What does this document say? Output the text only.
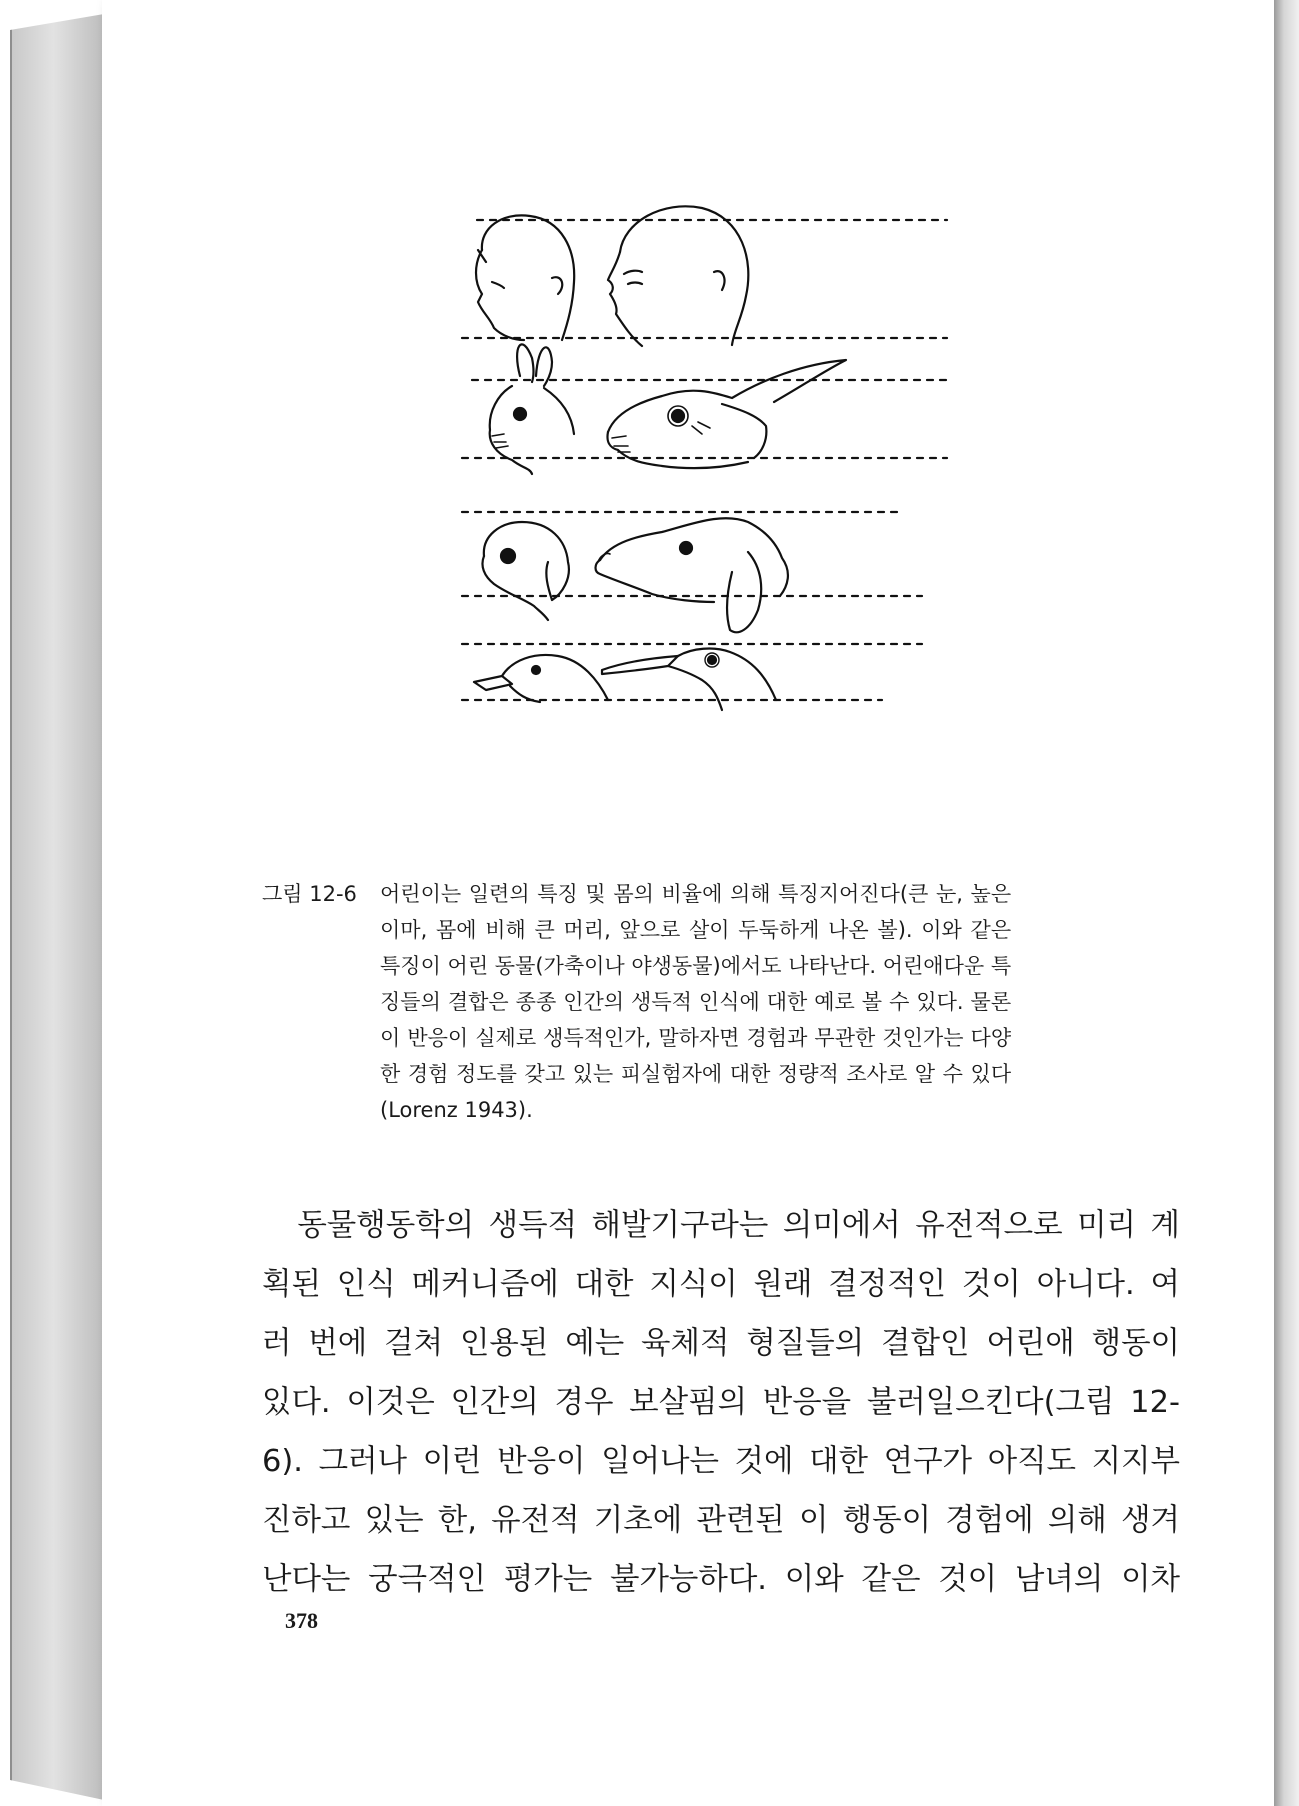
그림 12-6	어린이는 일련의 특징 및 몸의 비율에 의해 특징지어진다(큰 눈, 높은

이마, 몸에 비해 큰 머리, 앞으로 살이 두둑하게 나온 볼). 이와 같은

특징이 어린 동물(가축이나 야생동물)에서도 나타난다. 어린애다운 특

징들의 결합은 종종 인간의 생득적 인식에 대한 예로 볼 수 있다. 물론

이 반응이 실제로 생득적인가, 말하자면 경험과 무관한 것인가는 다양

한 경험 정도를 갖고 있는 피실험자에 대한 정량적 조사로 알 수 있다

(Lorenz 1943).

　동물행동학의 생득적 해발기구라는 의미에서 유전적으로 미리 계

획된 인식 메커니즘에 대한 지식이 원래 결정적인 것이 아니다. 여

러 번에 걸쳐 인용된 예는 육체적 형질들의 결합인 어린애 행동이

있다. 이것은 인간의 경우 보살핌의 반응을 불러일으킨다(그림 12-

6). 그러나 이런 반응이 일어나는 것에 대한 연구가 아직도 지지부

진하고 있는 한, 유전적 기초에 관련된 이 행동이 경험에 의해 생겨

난다는 궁극적인 평가는 불가능하다. 이와 같은 것이 남녀의 이차

378
